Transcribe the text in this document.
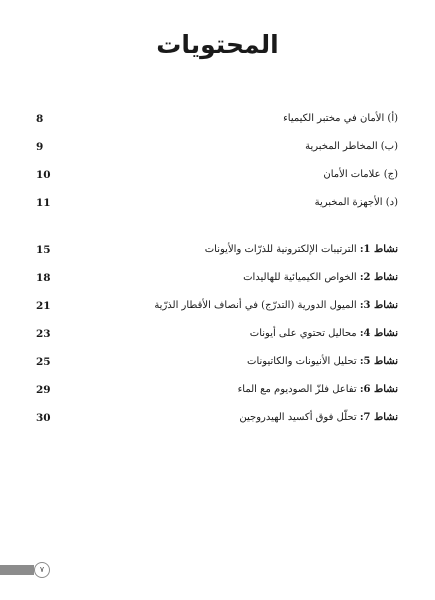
المحتويات
(أ) الأمان في مختبر الكيمياء
8
(ب) المخاطر المخبرية
9
(ج) علامات الأمان
10
(د) الأجهزة المخبرية
11
نشاط 1: الترتيبات الإلكترونية للذرّات والأيونات
15
نشاط 2: الخواص الكيميائية للهاليدات
18
نشاط 3: الميول الدورية (التدرّج) في أنصاف الأقطار الذرّية
21
نشاط 4: محاليل تحتوي على أيونات
23
نشاط 5: تحليل الأنيونات والكاتيونات
25
نشاط 6: تفاعل فلزّ الصوديوم مع الماء
29
نشاط 7: تحلّل فوق أكسيد الهيدروجين
30
٧
